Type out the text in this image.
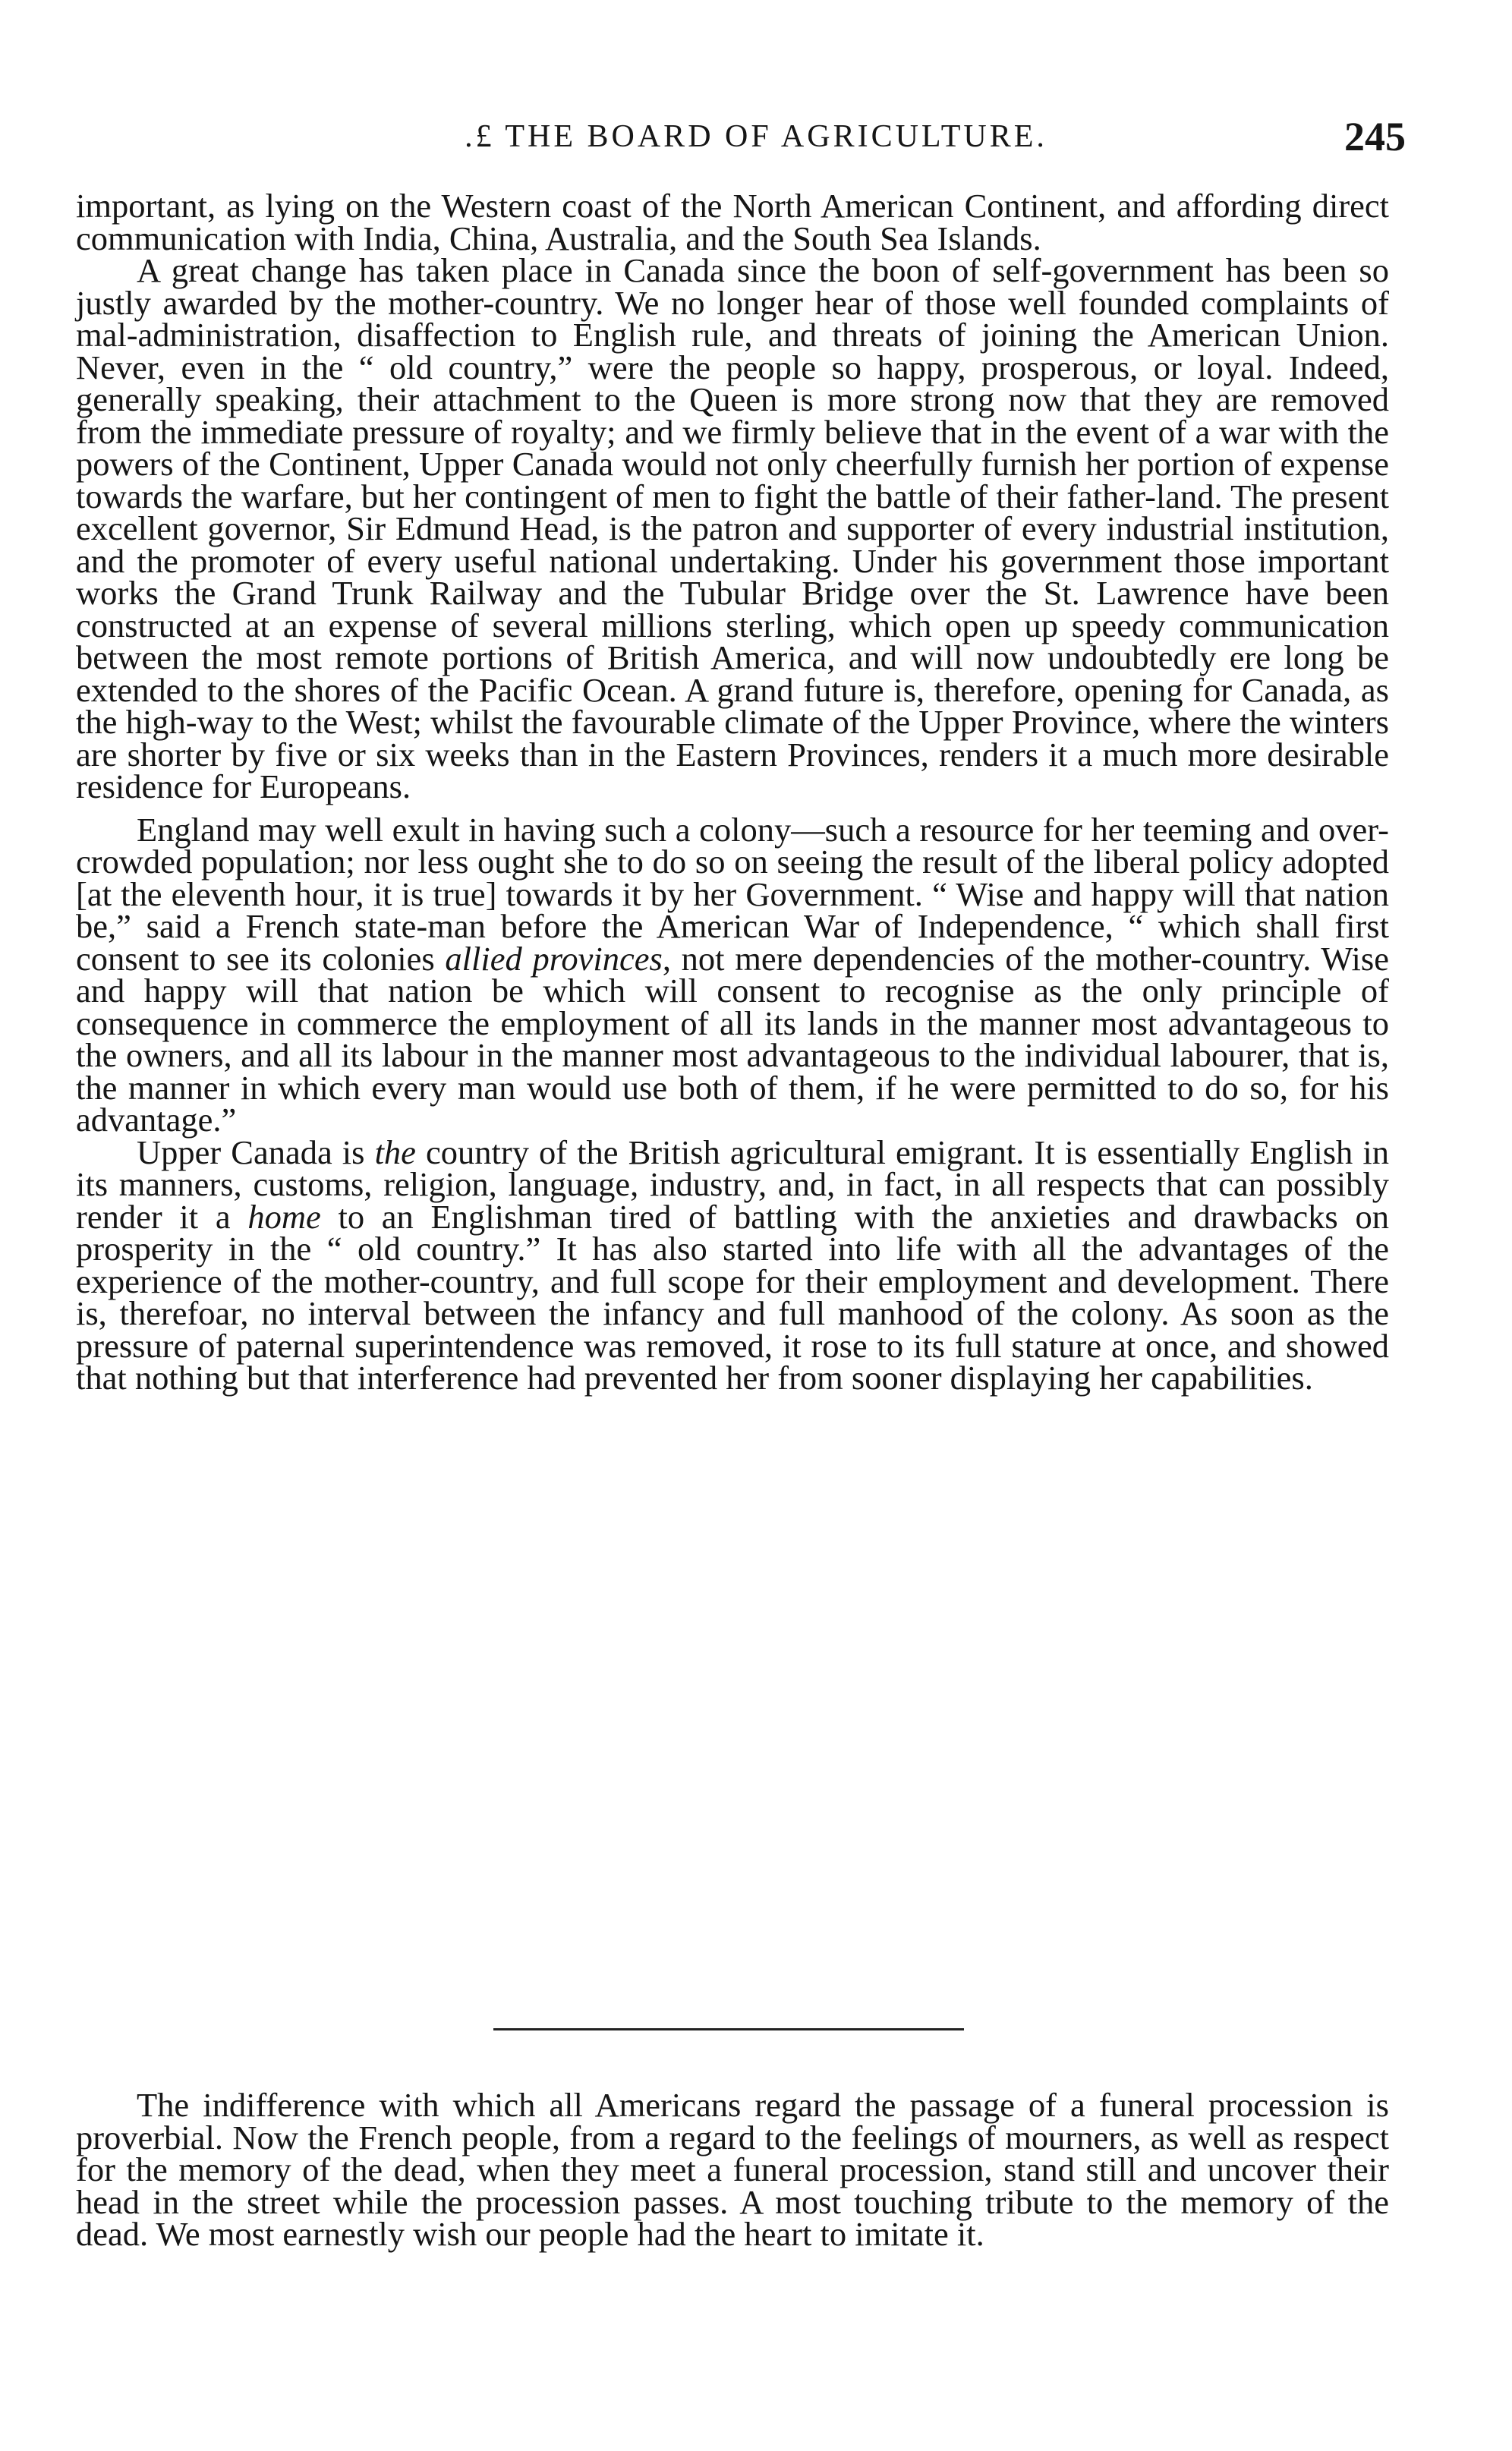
.£ THE BOARD OF AGRICULTURE.	245

important, as lying on the Western coast of the North American Continent, and affording direct communication with India, China, Australia, and the South Sea Islands.

A great change has taken place in Canada since the boon of self-government has been so justly awarded by the mother-country. We no longer hear of those well founded complaints of mal-administration, disaffection to English rule, and threats of joining the American Union. Never, even in the “ old country,” were the people so happy, prosperous, or loyal. Indeed, generally speaking, their attachment to the Queen is more strong now that they are removed from the immediate pressure of royalty; and we firmly believe that in the event of a war with the powers of the Continent, Upper Canada would not only cheerfully furnish her portion of expense towards the warfare, but her contingent of men to fight the battle of their father-land. The present excellent governor, Sir Edmund Head, is the patron and supporter of every industrial institution, and the promoter of every useful national undertaking. Under his government those important works the Grand Trunk Railway and the Tubular Bridge over the St. Lawrence have been constructed at an expense of several millions sterling, which open up speedy communication between the most remote portions of British America, and will now undoubtedly ere long be extended to the shores of the Pacific Ocean. A grand future is, therefore, opening for Canada, as the high-way to the West; whilst the favourable climate of the Upper Province, where the winters are shorter by five or six weeks than in the Eastern Provinces, renders it a much more desirable residence for Europeans.

England may well exult in having such a colony—such a resource for her teeming and over-crowded population; nor less ought she to do so on seeing the result of the liberal policy adopted [at the eleventh hour, it is true] towards it by her Government. “ Wise and happy will that nation be,” said a French state-man before the American War of Independence, “ which shall first consent to see its colonies allied provinces, not mere dependencies of the mother-country. Wise and happy will that nation be which will consent to recognise as the only principle of consequence in commerce the employment of all its lands in the manner most advantageous to the owners, and all its labour in the manner most advantageous to the individual labourer, that is, the manner in which every man would use both of them, if he were permitted to do so, for his advantage.”

Upper Canada is the country of the British agricultural emigrant. It is essentially English in its manners, customs, religion, language, industry, and, in fact, in all respects that can possibly render it a home to an Englishman tired of battling with the anxieties and drawbacks on prosperity in the “ old country.” It has also started into life with all the advantages of the experience of the mother-country, and full scope for their employment and development. There is, therefoar, no interval between the infancy and full manhood of the colony. As soon as the pressure of paternal superintendence was removed, it rose to its full stature at once, and showed that nothing but that interference had prevented her from sooner displaying her capabilities.

The indifference with which all Americans regard the passage of a funeral procession is proverbial. Now the French people, from a regard to the feelings of mourners, as well as respect for the memory of the dead, when they meet a funeral procession, stand still and uncover their head in the street while the procession passes. A most touching tribute to the memory of the dead. We most earnestly wish our people had the heart to imitate it.
